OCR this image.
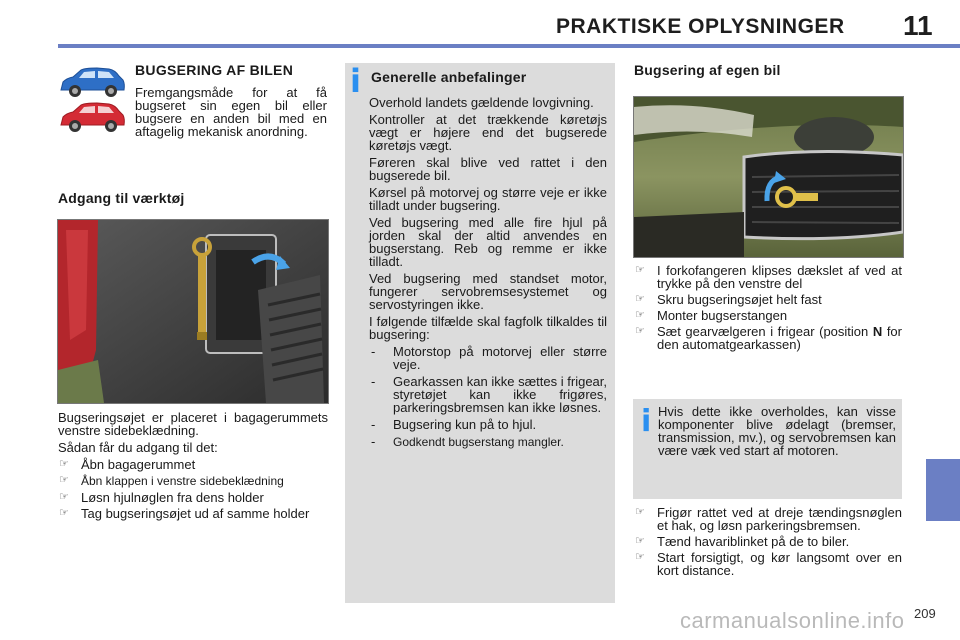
PRAKTISKE OPLYSNINGER 11
BUGSERING AF BILEN
Fremgangsmåde for at få bugseret sin egen bil eller bugsere en anden bil med en aftagelig mekanisk anordning.
Adgang til værktøj

Bugseringsøjet er placeret i bagagerummets venstre sidebeklædning.

Sådan får du adgang til det:

☞ Åbn bagagerummet
☞ Åbn klappen i venstre sidebeklædning
☞ Løsn hjulnøglen fra dens holder
☞ Tag bugseringsøjet ud af samme holder
i Generelle anbefalinger

Overhold landets gældende lovgivning.

Kontroller at det trækkende køretøjs vægt er højere end det bugserede køretøjs vægt.

Føreren skal blive ved rattet i den bugserede bil.

Kørsel på motorvej og større veje er ikke tilladt under bugsering.

Ved bugsering med alle fire hjul på jorden skal der altid anvendes en bugserstang. Reb og remme er ikke tilladt.

Ved bugsering med standset motor, fungerer servobremsesystemet og servostyringen ikke.

I følgende tilfælde skal fagfolk tilkaldes til bugsering:

- Motorstop på motorvej eller større veje.
- Gearkassen kan ikke sættes i frigear, styretøjet kan ikke frigøres, parkeringsbremsen kan ikke løsnes.
- Bugsering kun på to hjul.
- Godkendt bugserstang mangler.
Bugsering af egen bil
☞ I forkofangeren klipses dækslet af ved at trykke på den venstre del
☞ Skru bugseringsøjet helt fast
☞ Monter bugserstangen
☞ Sæt gearvælgeren i frigear (position N for den automatgearkassen)
i Hvis dette ikke overholdes, kan visse komponenter blive ødelagt (bremser, transmission, mv.), og servobremsen kan være væk ved start af motoren.

☞ Frigør rattet ved at dreje tændingsnøglen et hak, og løsn parkeringsbremsen.
☞ Tænd havariblinket på de to biler.
☞ Start forsigtigt, og kør langsomt over en kort distance.
carmanualsonline.info 209
